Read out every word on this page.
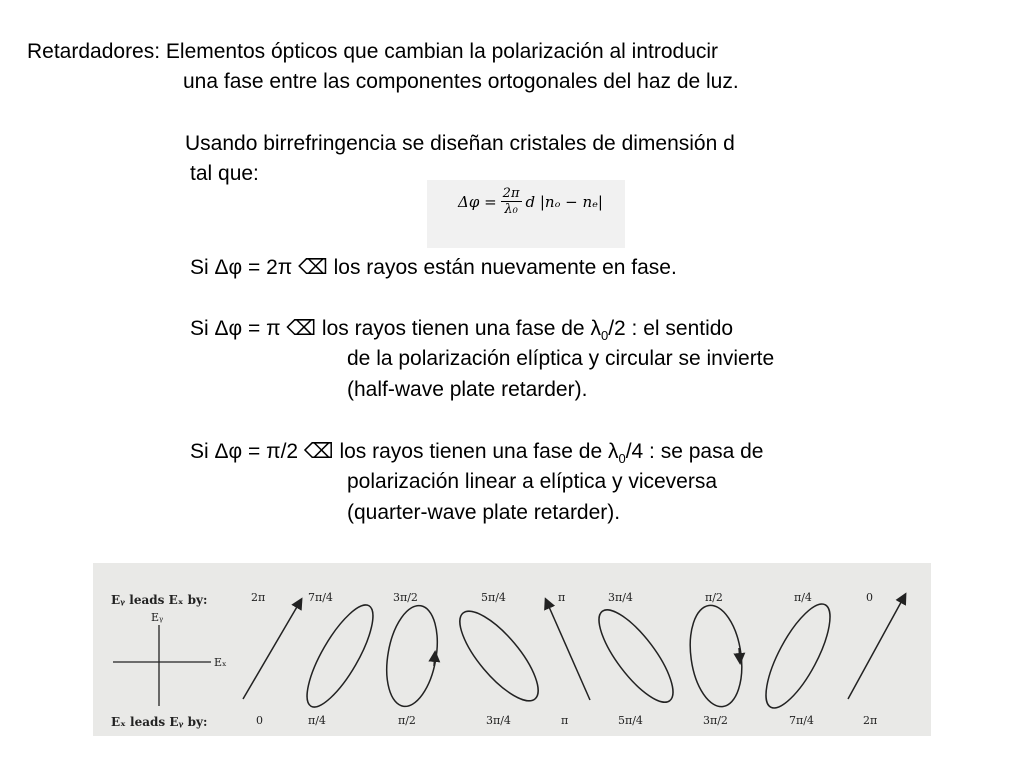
Retardadores: Elementos ópticos que cambian la polarización al introducir
una fase entre las componentes ortogonales del haz de luz.
Usando birrefringencia se diseñan cristales de dimensión d
tal que:
$\Delta\varphi = \frac{2\pi}{\text{λ₀}}$ d |nₒ − nₑ|
Si Δφ = 2π ⌫ los rayos están nuevamente en fase.
Si Δφ = π ⌫ los rayos tienen una fase de $\lambda_0/2$ : el sentido
de la polarización elíptica y circular se invierte
(half-wave plate retarder).
Si Δφ = π/2 ⌫ los rayos tienen una fase de $\lambda_0/4$ : se pasa de
polarización linear a elíptica y viceversa
(quarter-wave plate retarder).
Eᵧ leads Eₓ by:
Eₓ leads Eᵧ by:
Eᵧ
Eₓ
2π	7π/4	3π/2	5π/4	π	3π/4	π/2	π/4	0
0	π/4	π/2	3π/4	π	5π/4	3π/2	7π/4	2π
